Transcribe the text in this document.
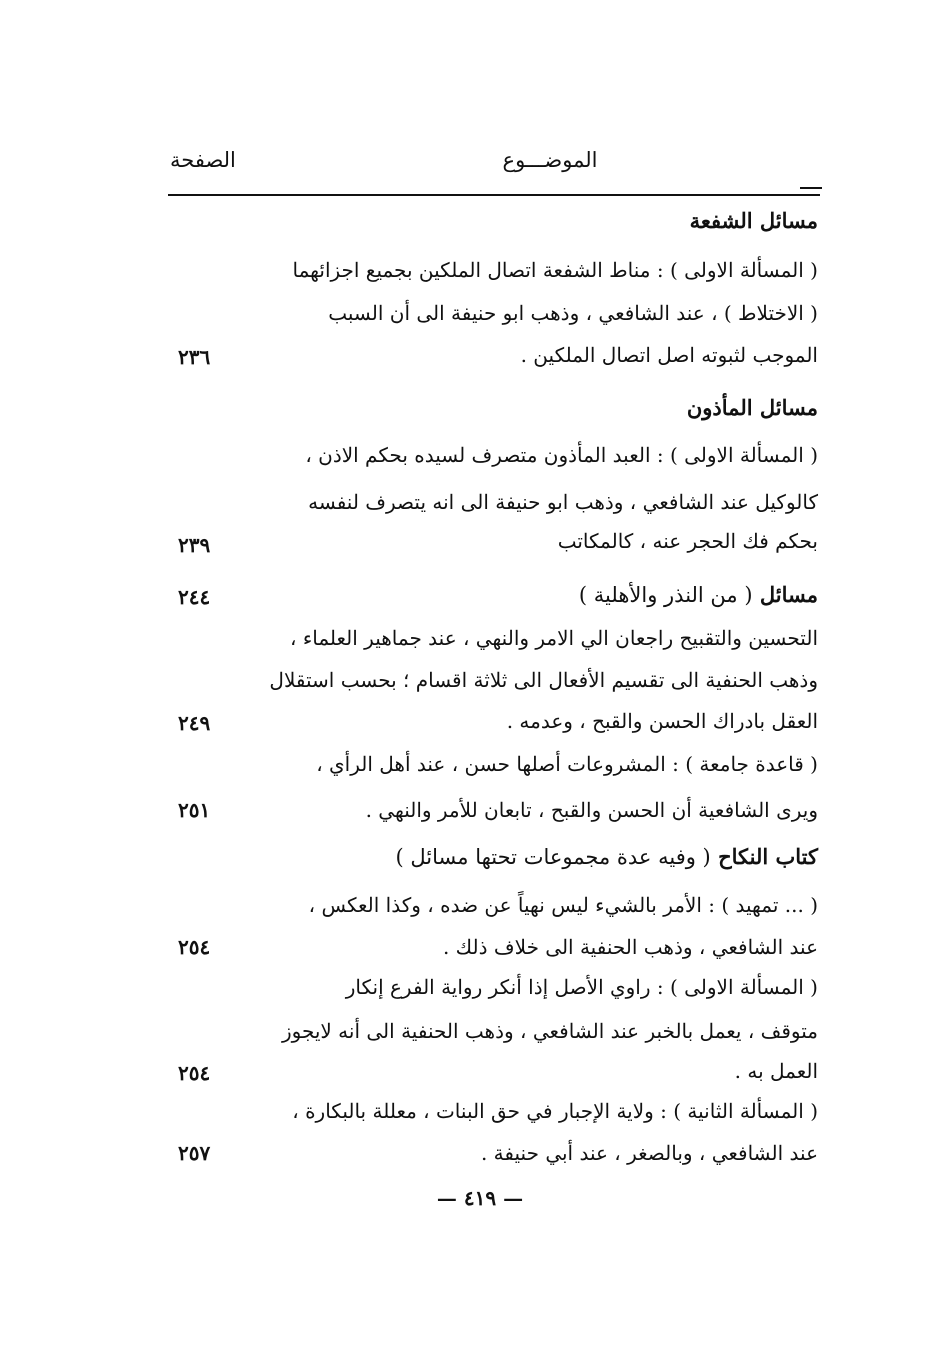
الصفحة	الموضـــوع
مسائل الشفعة
( المسألة الاولى ) : مناط الشفعة اتصال الملكين بجميع اجزائهما
( الاختلاط ) ، عند الشافعي ، وذهب ابو حنيفة الى أن السبب
الموجب لثبوته اصل اتصال الملكين .
٢٣٦
مسائل المأذون
( المسألة الاولى ) : العبد المأذون متصرف لسيده بحكم الاذن ،
كالوكيل عند الشافعي ، وذهب ابو حنيفة الى انه يتصرف لنفسه
بحكم فك الحجر عنه ، كالمكاتب
٢٣٩
مسائل ( من النذر والأهلية )
٢٤٤
التحسين والتقبيح راجعان الي الامر والنهي ، عند جماهير العلماء ،
وذهب الحنفية الى تقسيم الأفعال الى ثلاثة اقسام ؛ بحسب استقلال
العقل بادراك الحسن والقبح ، وعدمه .
٢٤٩
( قاعدة جامعة ) : المشروعات أصلها حسن ، عند أهل الرأي ،
ويرى الشافعية أن الحسن والقبح ، تابعان للأمر والنهي .
٢٥١
كتاب النكاح ( وفيه عدة مجموعات تحتها مسائل )
( ... تمهيد ) : الأمر بالشيء ليس نهياً عن ضده ، وكذا العكس ،
عند الشافعي ، وذهب الحنفية الى خلاف ذلك .
٢٥٤
( المسألة الاولى ) : راوي الأصل إذا أنكر رواية الفرع إنكار
متوقف ، يعمل بالخبر عند الشافعي ، وذهب الحنفية الى أنه لايجوز
العمل به .
٢٥٤
( المسألة الثانية ) : ولاية الإجبار في حق البنات ، معللة بالبكارة ،
عند الشافعي ، وبالصغر ، عند أبي حنيفة .
٢٥٧
— ٤١٩ —
